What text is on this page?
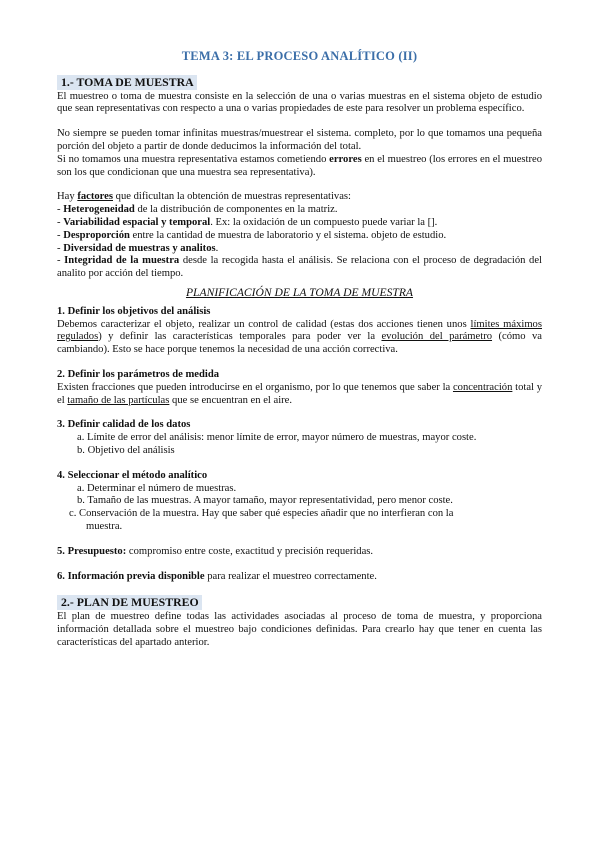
TEMA 3: EL PROCESO ANALÍTICO (II)

1.- TOMA DE MUESTRA

El muestreo o toma de muestra consiste en la selección de una o varias muestras en el sistema objeto de estudio que sean representativas con respecto a una o varias propiedades de este para resolver un problema específico.

No siempre se pueden tomar infinitas muestras/muestrear el sistema. completo, por lo que tomamos una pequeña porción del objeto a partir de donde deducimos la información del total.

Si no tomamos una muestra representativa estamos cometiendo errores en el muestreo (los errores en el muestreo son los que condicionan que una muestra sea representativa).

Hay factores que dificultan la obtención de muestras representativas:

- Heterogeneidad de la distribución de componentes en la matriz.

- Variabilidad espacial y temporal. Ex: la oxidación de un compuesto puede variar la [].

- Desproporción entre la cantidad de muestra de laboratorio y el sistema. objeto de estudio.

- Diversidad de muestras y analitos.

- Integridad de la muestra desde la recogida hasta el análisis. Se relaciona con el proceso de degradación del analito por acción del tiempo.

PLANIFICACIÓN DE LA TOMA DE MUESTRA

1. Definir los objetivos del análisis

Debemos caracterizar el objeto, realizar un control de calidad (estas dos acciones tienen unos límites máximos regulados) y definir las características temporales para poder ver la evolución del parámetro (cómo va cambiando). Esto se hace porque tenemos la necesidad de una acción correctiva.

2. Definir los parámetros de medida

Existen fracciones que pueden introducirse en el organismo, por lo que tenemos que saber la concentración total y el tamaño de las partículas que se encuentran en el aire.

3. Definir calidad de los datos

a. Límite de error del análisis: menor límite de error, mayor número de muestras, mayor coste.

b. Objetivo del análisis

4. Seleccionar el método analítico

a. Determinar el número de muestras.

b. Tamaño de las muestras. A mayor tamaño, mayor representatividad, pero menor coste.

c. Conservación de la muestra. Hay que saber qué especies añadir que no interfieran con la

muestra.

5. Presupuesto: compromiso entre coste, exactitud y precisión requeridas.

6. Información previa disponible para realizar el muestreo correctamente.

2.- PLAN DE MUESTREO

El plan de muestreo define todas las actividades asociadas al proceso de toma de muestra, y proporciona información detallada sobre el muestreo bajo condiciones definidas. Para crearlo hay que tener en cuenta las características del apartado anterior.
